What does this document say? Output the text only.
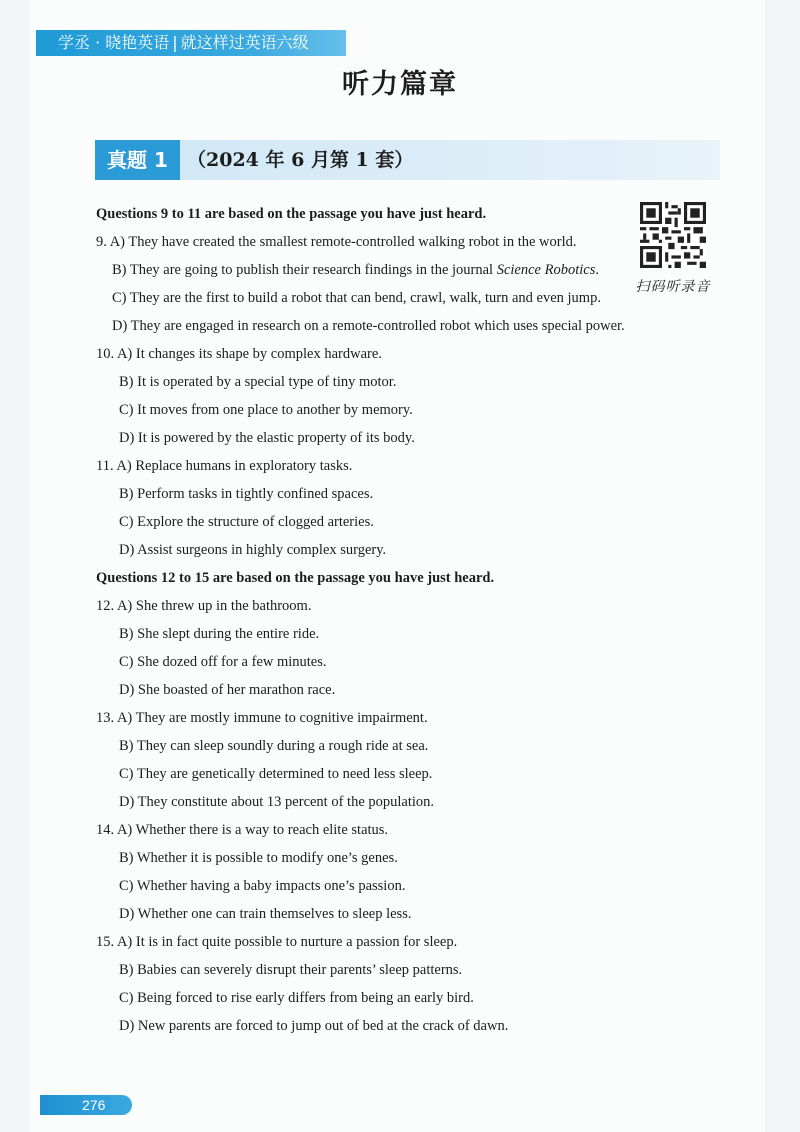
学丞 · 晓艳英语 | 就这样过英语六级
听力篇章
真题 1	（2024 年 6 月第 1 套）
扫码听录音
Questions 9 to 11 are based on the passage you have just heard.
9. A) They have created the smallest remote-controlled walking robot in the world.
B) They are going to publish their research findings in the journal Science Robotics.
C) They are the first to build a robot that can bend, crawl, walk, turn and even jump.
D) They are engaged in research on a remote-controlled robot which uses special power.
10. A) It changes its shape by complex hardware.
B) It is operated by a special type of tiny motor.
C) It moves from one place to another by memory.
D) It is powered by the elastic property of its body.
11. A) Replace humans in exploratory tasks.
B) Perform tasks in tightly confined spaces.
C) Explore the structure of clogged arteries.
D) Assist surgeons in highly complex surgery.
Questions 12 to 15 are based on the passage you have just heard.
12. A) She threw up in the bathroom.
B) She slept during the entire ride.
C) She dozed off for a few minutes.
D) She boasted of her marathon race.
13. A) They are mostly immune to cognitive impairment.
B) They can sleep soundly during a rough ride at sea.
C) They are genetically determined to need less sleep.
D) They constitute about 13 percent of the population.
14. A) Whether there is a way to reach elite status.
B) Whether it is possible to modify one’s genes.
C) Whether having a baby impacts one’s passion.
D) Whether one can train themselves to sleep less.
15. A) It is in fact quite possible to nurture a passion for sleep.
B) Babies can severely disrupt their parents’ sleep patterns.
C) Being forced to rise early differs from being an early bird.
D) New parents are forced to jump out of bed at the crack of dawn.
276
